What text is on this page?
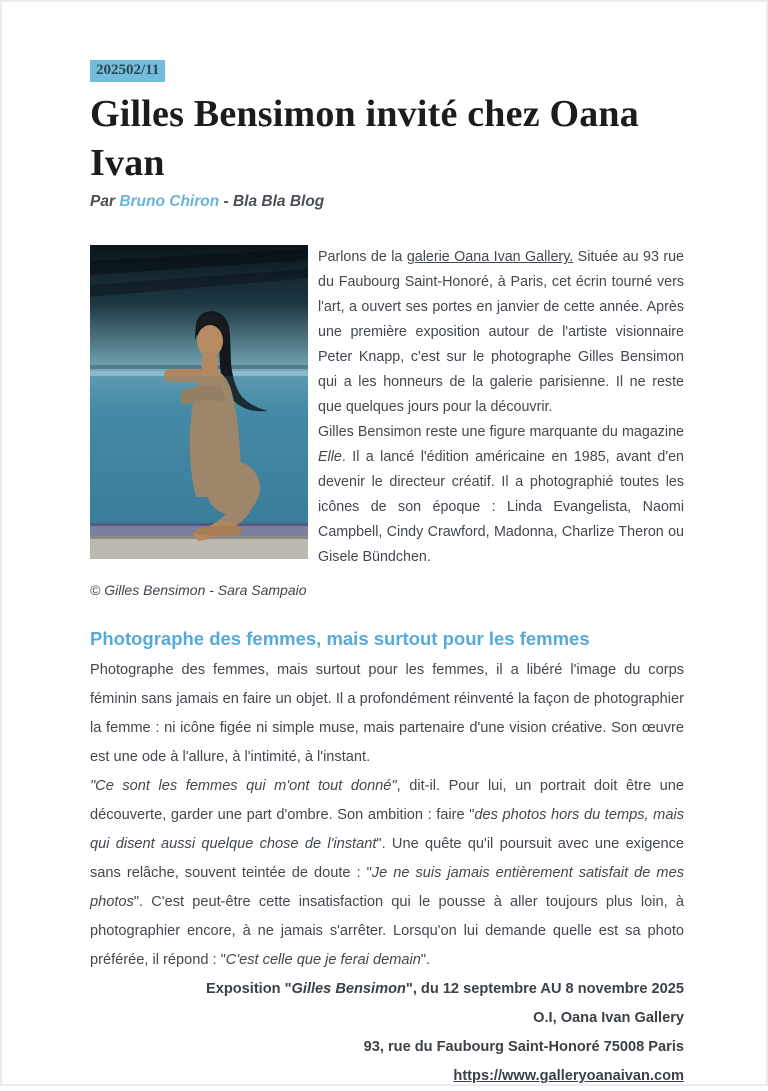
202502/11
Gilles Bensimon invité chez Oana Ivan

Par Bruno Chiron - Bla Bla Blog

Parlons de la galerie Oana Ivan Gallery. Située au 93 rue du Faubourg Saint-Honoré, à Paris, cet écrin tourné vers l'art, a ouvert ses portes en janvier de cette année. Après une première exposition autour de l'artiste visionnaire Peter Knapp, c'est sur le photographe Gilles Bensimon qui a les honneurs de la galerie parisienne. Il ne reste que quelques jours pour la découvrir.

Gilles Bensimon reste une figure marquante du magazine Elle. Il a lancé l'édition américaine en 1985, avant d'en devenir le directeur créatif. Il a photographié toutes les icônes de son époque : Linda Evangelista, Naomi Campbell, Cindy Crawford, Madonna, Charlize Theron ou Gisele Bündchen.

© Gilles Bensimon - Sara Sampaio

Photographe des femmes, mais surtout pour les femmes

Photographe des femmes, mais surtout pour les femmes, il a libéré l'image du corps féminin sans jamais en faire un objet. Il a profondément réinventé la façon de photographier la femme : ni icône figée ni simple muse, mais partenaire d'une vision créative. Son œuvre est une ode à l'allure, à l'intimité, à l'instant.

"Ce sont les femmes qui m'ont tout donné", dit-il. Pour lui, un portrait doit être une découverte, garder une part d'ombre. Son ambition : faire "des photos hors du temps, mais qui disent aussi quelque chose de l'instant". Une quête qu'il poursuit avec une exigence sans relâche, souvent teintée de doute : "Je ne suis jamais entièrement satisfait de mes photos". C'est peut-être cette insatisfaction qui le pousse à aller toujours plus loin, à photographier encore, à ne jamais s'arrêter. Lorsqu'on lui demande quelle est sa photo préférée, il répond : "C'est celle que je ferai demain".

Exposition "Gilles Bensimon", du 12 septembre AU 8 novembre 2025

O.I, Oana Ivan Gallery

93, rue du Faubourg Saint-Honoré 75008 Paris

https://www.galleryoanaivan.com
